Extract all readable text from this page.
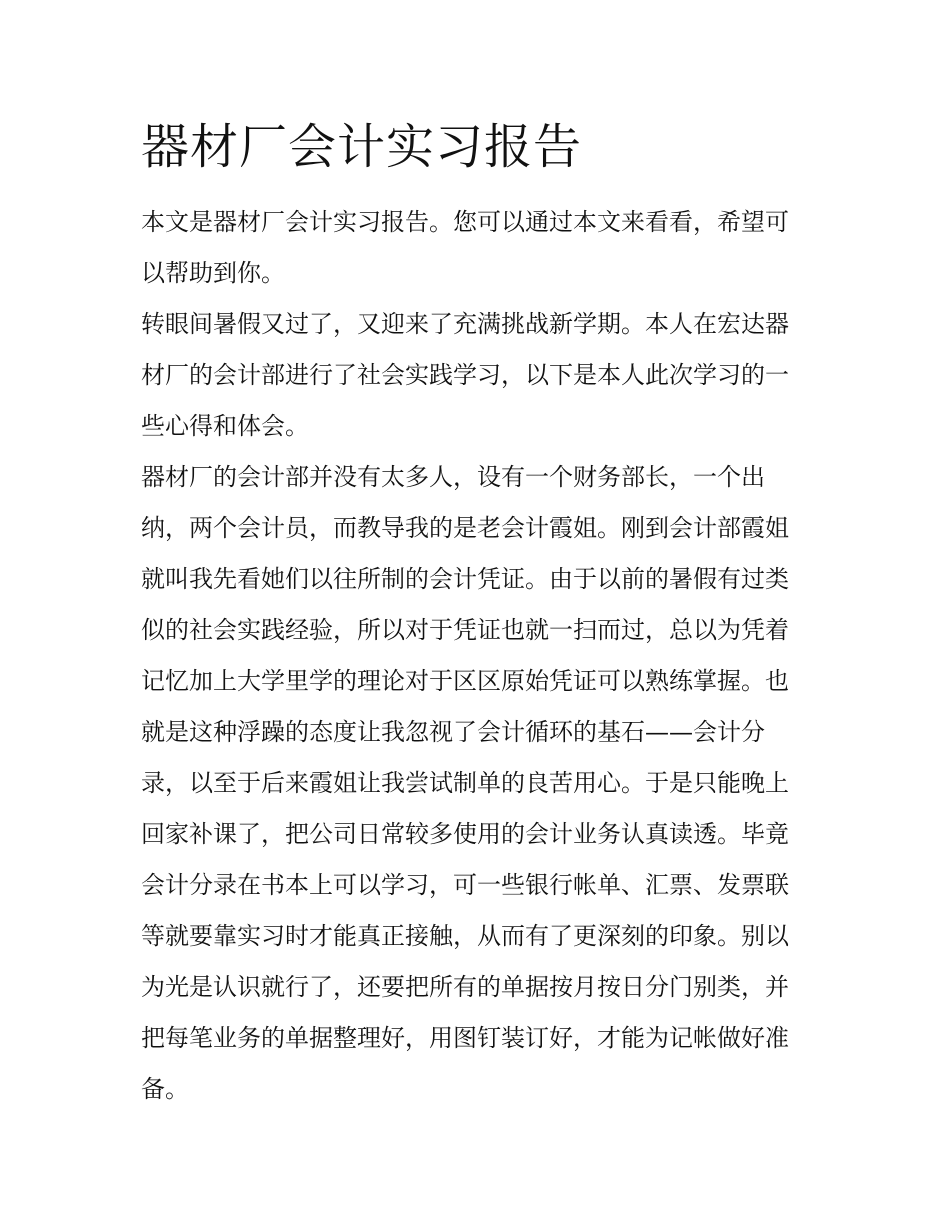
器材厂会计实习报告

本文是器材厂会计实习报告。您可以通过本文来看看，希望可

以帮助到你。

转眼间暑假又过了，又迎来了充满挑战新学期。本人在宏达器

材厂的会计部进行了社会实践学习，以下是本人此次学习的一

些心得和体会。

器材厂的会计部并没有太多人，设有一个财务部长，一个出

纳，两个会计员，而教导我的是老会计霞姐。刚到会计部霞姐

就叫我先看她们以往所制的会计凭证。由于以前的暑假有过类

似的社会实践经验，所以对于凭证也就一扫而过，总以为凭着

记忆加上大学里学的理论对于区区原始凭证可以熟练掌握。也

就是这种浮躁的态度让我忽视了会计循环的基石——会计分

录，以至于后来霞姐让我尝试制单的良苦用心。于是只能晚上

回家补课了，把公司日常较多使用的会计业务认真读透。毕竟

会计分录在书本上可以学习，可一些银行帐单、汇票、发票联

等就要靠实习时才能真正接触，从而有了更深刻的印象。别以

为光是认识就行了，还要把所有的单据按月按日分门别类，并

把每笔业务的单据整理好，用图钉装订好，才能为记帐做好准

备。
